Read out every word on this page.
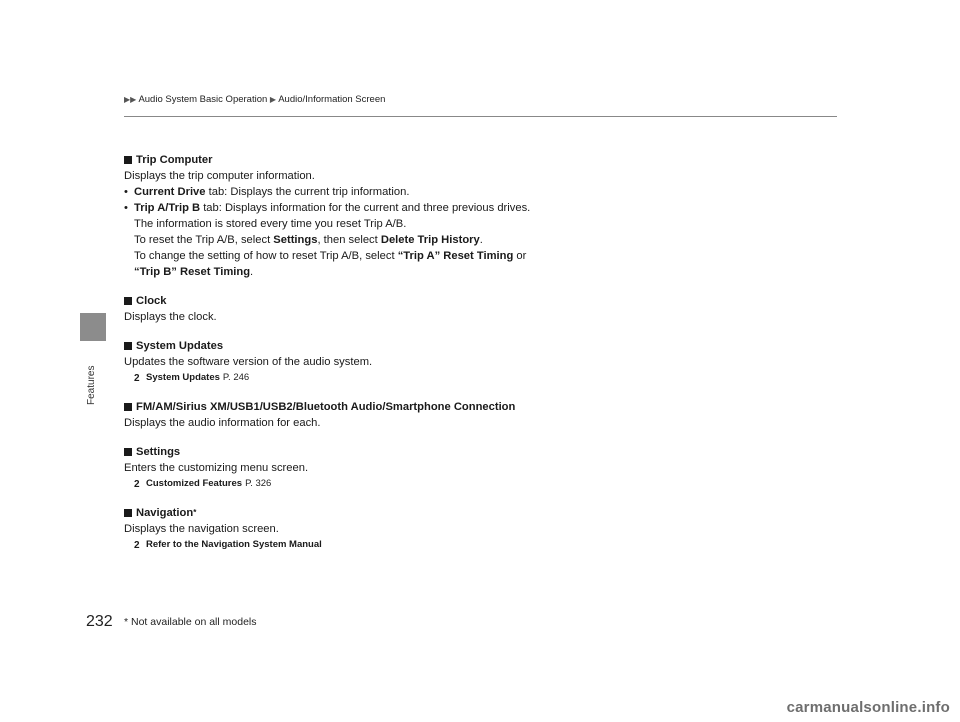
Features
▶▶ Audio System Basic Operation ▶ Audio/Information Screen
Trip Computer
Displays the trip computer information.
• Current Drive tab: Displays the current trip information.
• Trip A/Trip B tab: Displays information for the current and three previous drives.
The information is stored every time you reset Trip A/B.
To reset the Trip A/B, select Settings, then select Delete Trip History.
To change the setting of how to reset Trip A/B, select “Trip A” Reset Timing or
“Trip B” Reset Timing.
Clock
Displays the clock.
System Updates
Updates the software version of the audio system.
2 System Updates P. 246
FM/AM/Sirius XM/USB1/USB2/Bluetooth Audio/Smartphone Connection
Displays the audio information for each.
Settings
Enters the customizing menu screen.
2 Customized Features P. 326
Navigation *
Displays the navigation screen.
2 Refer to the Navigation System Manual
232 * Not available on all models
carmanualsonline.info
